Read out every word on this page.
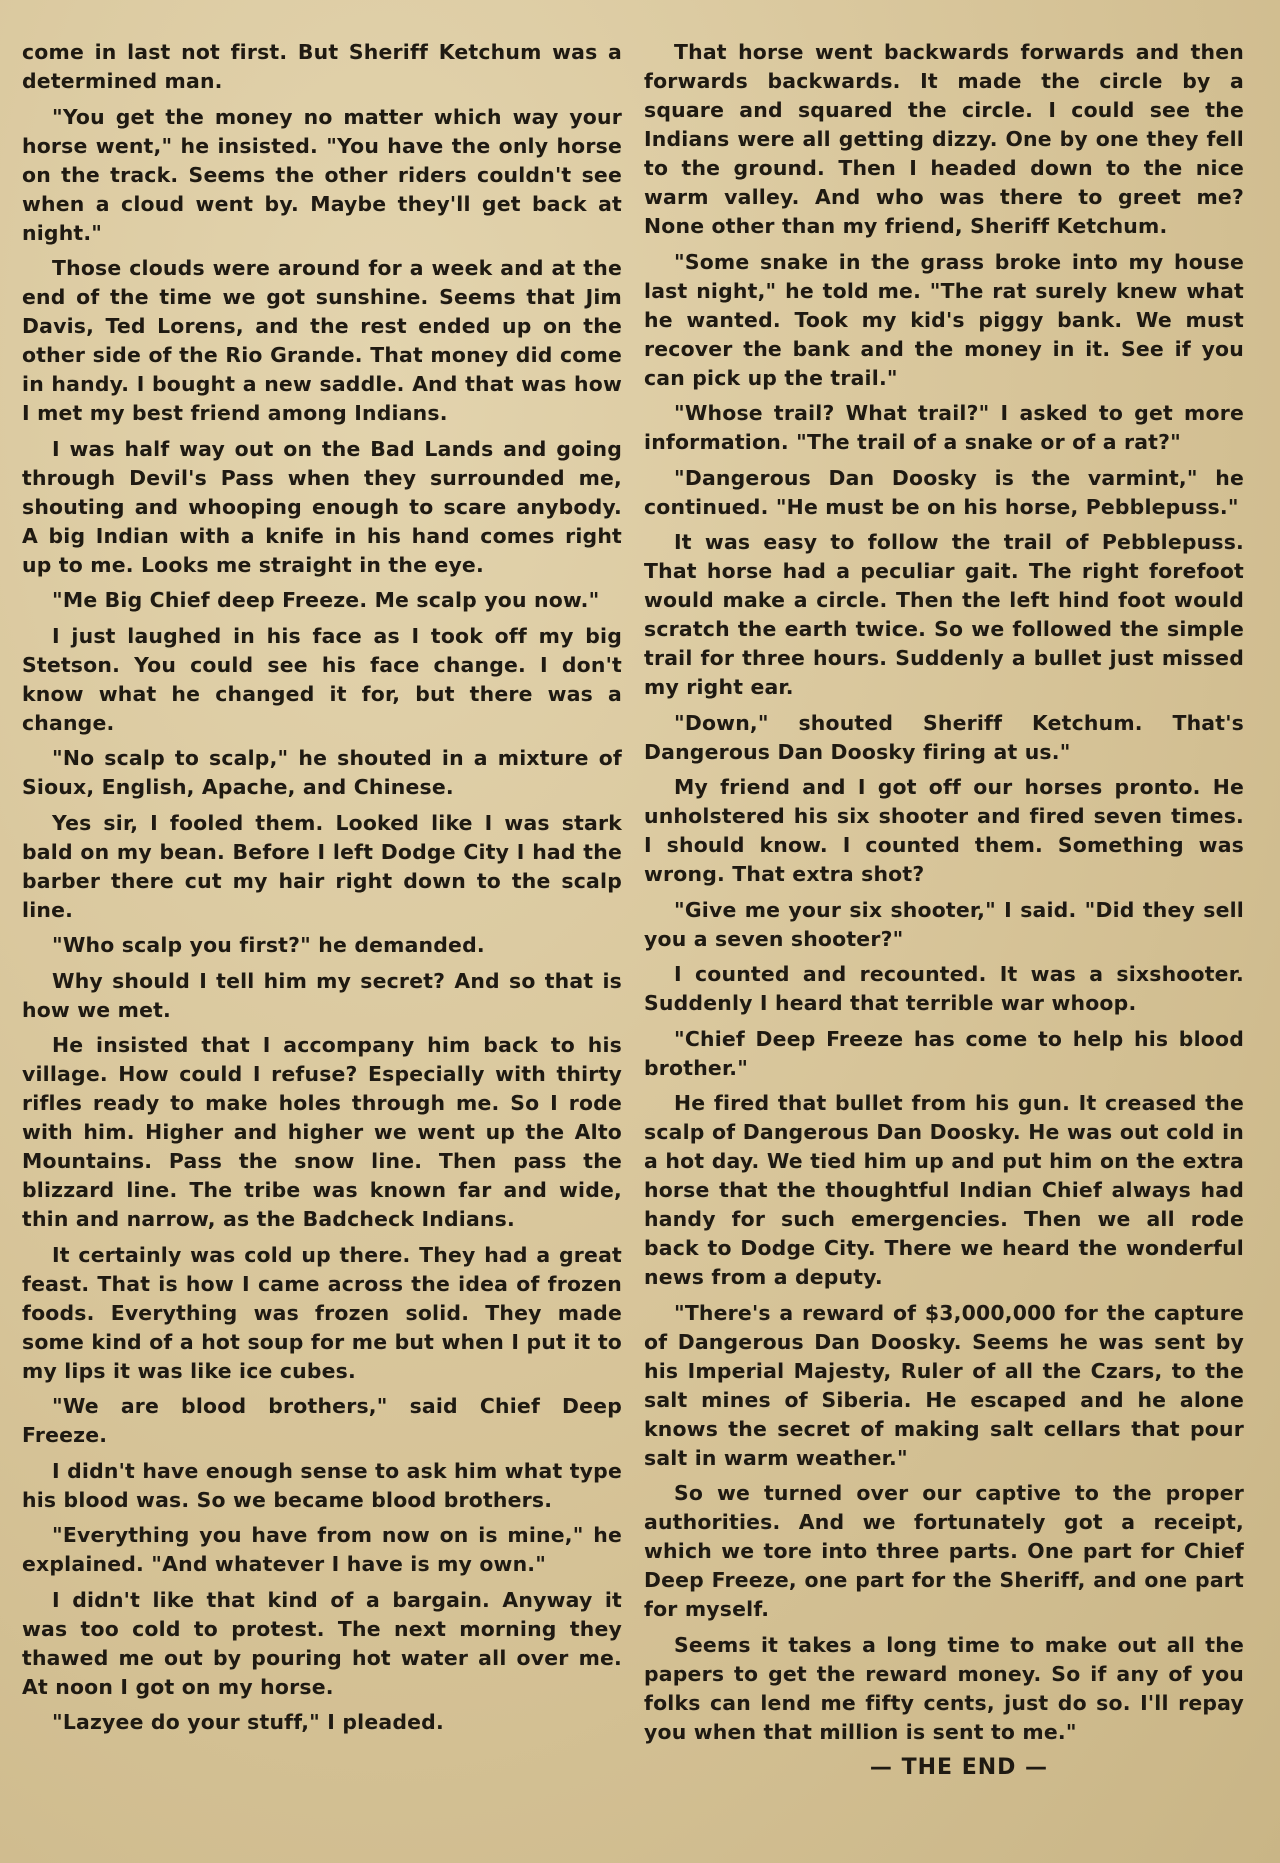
come in last not first. But Sheriff Ketchum was a determined man.

"You get the money no matter which way your horse went," he insisted. "You have the only horse on the track. Seems the other riders couldn't see when a cloud went by. Maybe they'll get back at night."

Those clouds were around for a week and at the end of the time we got sunshine. Seems that Jim Davis, Ted Lorens, and the rest ended up on the other side of the Rio Grande. That money did come in handy. I bought a new saddle. And that was how I met my best friend among Indians.

I was half way out on the Bad Lands and going through Devil's Pass when they surrounded me, shouting and whooping enough to scare anybody. A big Indian with a knife in his hand comes right up to me. Looks me straight in the eye.

"Me Big Chief deep Freeze. Me scalp you now."

I just laughed in his face as I took off my big Stetson. You could see his face change. I don't know what he changed it for, but there was a change.

"No scalp to scalp," he shouted in a mixture of Sioux, English, Apache, and Chinese.

Yes sir, I fooled them. Looked like I was stark bald on my bean. Before I left Dodge City I had the barber there cut my hair right down to the scalp line.

"Who scalp you first?" he demanded.

Why should I tell him my secret? And so that is how we met.

He insisted that I accompany him back to his village. How could I refuse? Especially with thirty rifles ready to make holes through me. So I rode with him. Higher and higher we went up the Alto Mountains. Pass the snow line. Then pass the blizzard line. The tribe was known far and wide, thin and narrow, as the Badcheck Indians.

It certainly was cold up there. They had a great feast. That is how I came across the idea of frozen foods. Everything was frozen solid. They made some kind of a hot soup for me but when I put it to my lips it was like ice cubes.

"We are blood brothers," said Chief Deep Freeze.

I didn't have enough sense to ask him what type his blood was. So we became blood brothers.

"Everything you have from now on is mine," he explained. "And whatever I have is my own."

I didn't like that kind of a bargain. Anyway it was too cold to protest. The next morning they thawed me out by pouring hot water all over me. At noon I got on my horse.

"Lazyee do your stuff," I pleaded.

That horse went backwards forwards and then forwards backwards. It made the circle by a square and squared the circle. I could see the Indians were all getting dizzy. One by one they fell to the ground. Then I headed down to the nice warm valley. And who was there to greet me? None other than my friend, Sheriff Ketchum.

"Some snake in the grass broke into my house last night," he told me. "The rat surely knew what he wanted. Took my kid's piggy bank. We must recover the bank and the money in it. See if you can pick up the trail."

"Whose trail? What trail?" I asked to get more information. "The trail of a snake or of a rat?"

"Dangerous Dan Doosky is the varmint," he continued. "He must be on his horse, Pebblepuss."

It was easy to follow the trail of Pebblepuss. That horse had a peculiar gait. The right forefoot would make a circle. Then the left hind foot would scratch the earth twice. So we followed the simple trail for three hours. Suddenly a bullet just missed my right ear.

"Down," shouted Sheriff Ketchum. That's Dangerous Dan Doosky firing at us."

My friend and I got off our horses pronto. He unholstered his six shooter and fired seven times. I should know. I counted them. Something was wrong. That extra shot?

"Give me your six shooter," I said. "Did they sell you a seven shooter?"

I counted and recounted. It was a sixshooter. Suddenly I heard that terrible war whoop.

"Chief Deep Freeze has come to help his blood brother."

He fired that bullet from his gun. It creased the scalp of Dangerous Dan Doosky. He was out cold in a hot day. We tied him up and put him on the extra horse that the thoughtful Indian Chief always had handy for such emergencies. Then we all rode back to Dodge City. There we heard the wonderful news from a deputy.

"There's a reward of $3,000,000 for the capture of Dangerous Dan Doosky. Seems he was sent by his Imperial Majesty, Ruler of all the Czars, to the salt mines of Siberia. He escaped and he alone knows the secret of making salt cellars that pour salt in warm weather."

So we turned over our captive to the proper authorities. And we fortunately got a receipt, which we tore into three parts. One part for Chief Deep Freeze, one part for the Sheriff, and one part for myself.

Seems it takes a long time to make out all the papers to get the reward money. So if any of you folks can lend me fifty cents, just do so. I'll repay you when that million is sent to me."

— THE END —
